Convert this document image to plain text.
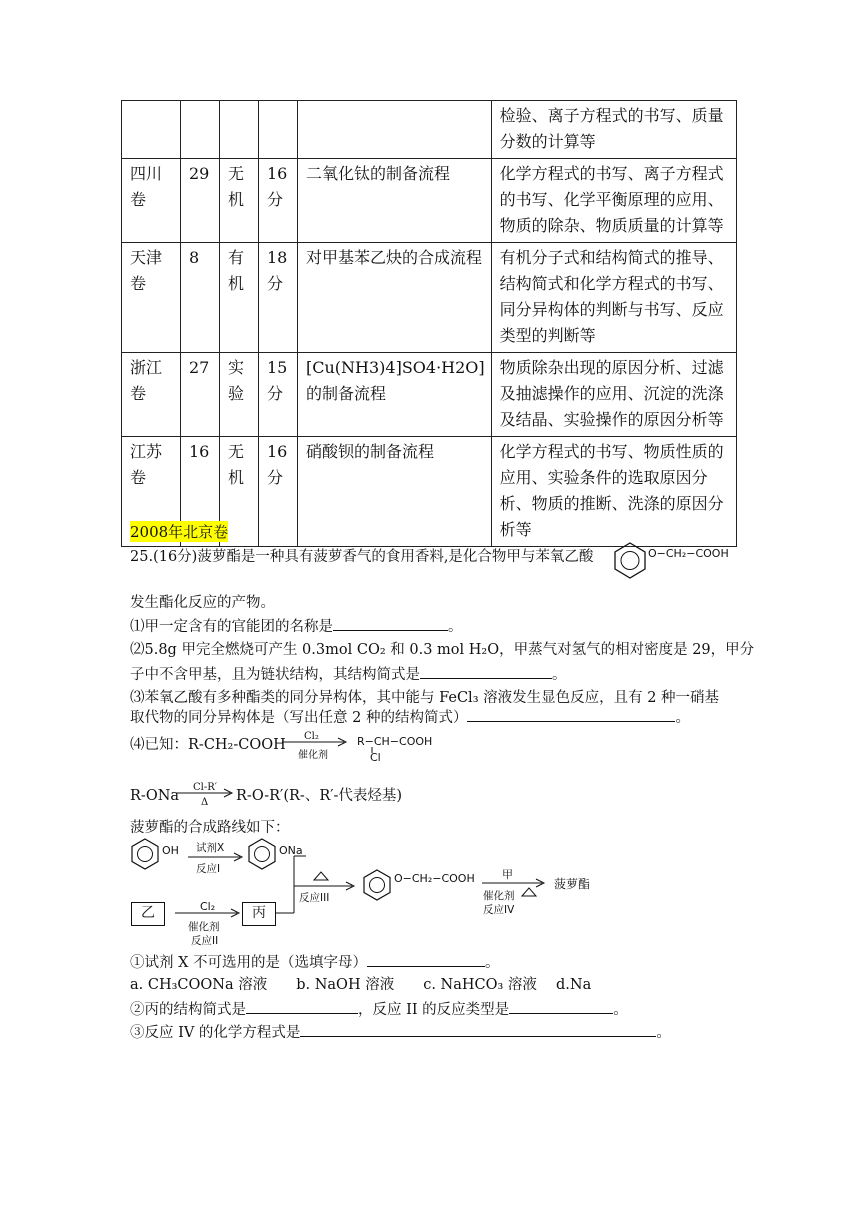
					检验、离子方程式的书写、质量分数的计算等
四川卷	29	无机	16分	二氧化钛的制备流程	化学方程式的书写、离子方程式的书写、化学平衡原理的应用、物质的除杂、物质质量的计算等
天津卷	8	有机	18分	对甲基苯乙炔的合成流程	有机分子式和结构简式的推导、结构简式和化学方程式的书写、同分异构体的判断与书写、反应类型的判断等
浙江卷	27	实验	15分	[Cu(NH3)4]SO4·H2O]的制备流程	物质除杂出现的原因分析、过滤及抽滤操作的应用、沉淀的洗涤及结晶、实验操作的原因分析等
江苏卷	16	无机	16分	硝酸钡的制备流程	化学方程式的书写、物质性质的应用、实验条件的选取原因分析、物质的推断、洗涤的原因分析等
2008年北京卷
25.(16分)菠萝酯是一种具有菠萝香气的食用香料,是化合物甲与苯氧乙酸	O−CH₂−COOH
发生酯化反应的产物。
⑴甲一定含有的官能团的名称是	。
⑵5.8g 甲完全燃烧可产生 0.3mol CO₂ 和 0.3 mol H₂O，甲蒸气对氢气的相对密度是 29，甲分
子中不含甲基，且为链状结构，其结构简式是	。
⑶苯氧乙酸有多种酯类的同分异构体，其中能与 FeCl₃ 溶液发生显色反应，且有 2 种一硝基
取代物的同分异构体是（写出任意 2 种的结构简式）	。
⑷已知：R-CH₂-COOH
Cl₂
催化剂
R−CH−COOH
Cl
R-ONa
Cl-R′
Δ R-O-R′(R-、R′-代表烃基)
菠萝酯的合成路线如下：
OH 试剂X
反应I
ONa
乙	Cl₂
催化剂
反应II
丙
反应III
O−CH₂−COOH 甲
催化剂
反应IV
菠萝酯
①试剂 X 不可选用的是（选填字母）	。
a. CH₃COONa 溶液　　b. NaOH 溶液　　c. NaHCO₃ 溶液　 d.Na
②丙的结构简式是	，反应 II 的反应类型是	。
③反应 IV 的化学方程式是	。
